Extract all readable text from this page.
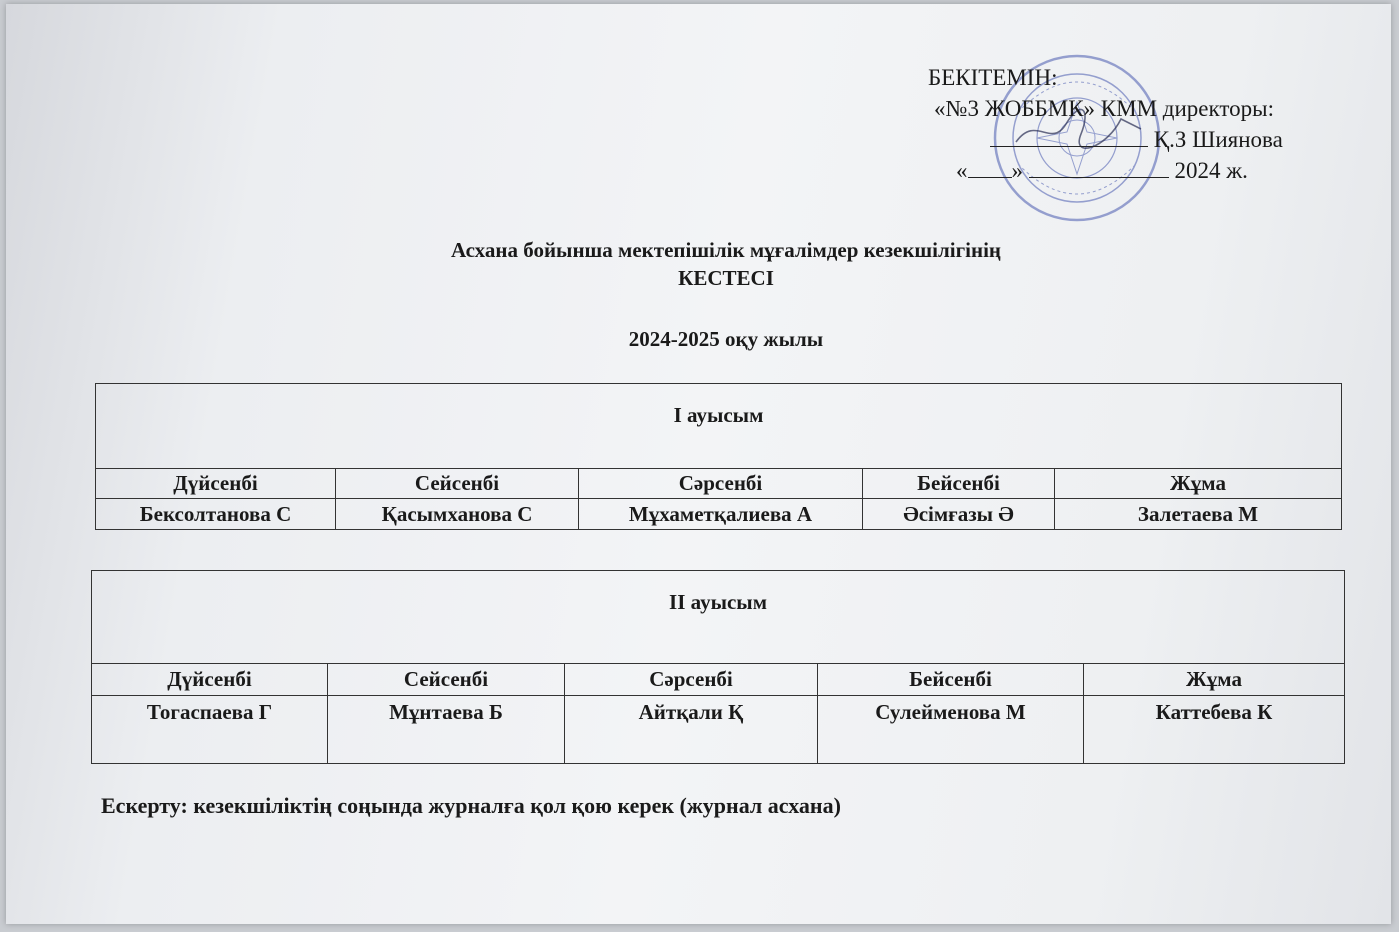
БЕКІТЕМІН:
«№3 ЖОББМК» КММ директоры:
Қ.З Шиянова
« »	2024 ж.
Асхана бойынша мектепішілік мұғалімдер кезекшілігінің
КЕСТЕСІ
2024-2025 оқу жылы
І ауысым				
Дүйсенбі	Сейсенбі	Сәрсенбі	Бейсенбі	Жұма
Бексолтанова С	Қасымханова С	Мұхаметқалиева А	Әсімғазы Ә	Залетаева М
ІІ ауысым				
Дүйсенбі	Сейсенбі	Сәрсенбі	Бейсенбі	Жұма
Тогаспаева Г	Мұнтаева Б	Айтқали Қ	Сулейменова М	Каттебева К
Ескерту: кезекшіліктің соңында журналға қол қою керек (журнал асхана)
